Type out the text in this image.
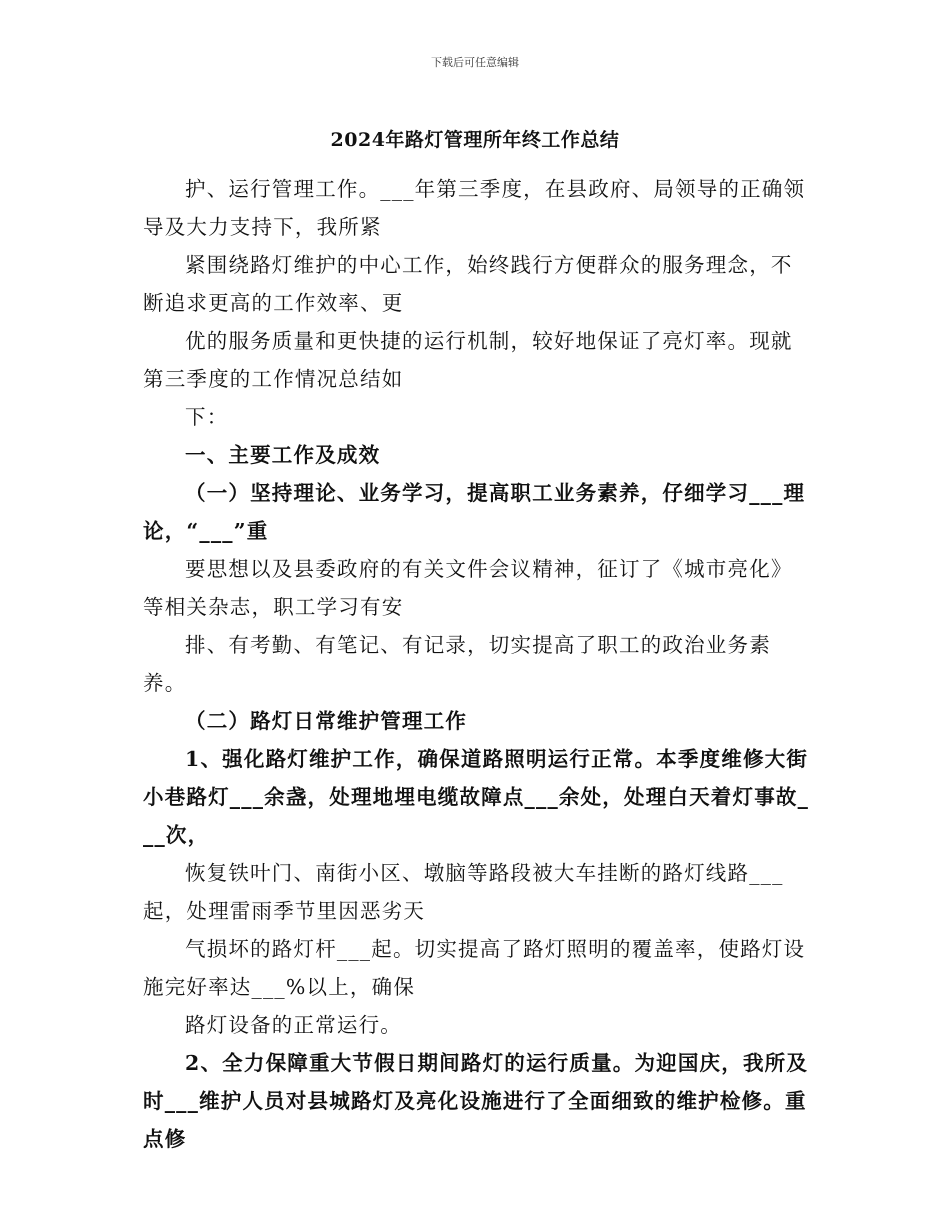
下载后可任意编辑
2024年路灯管理所年终工作总结

护、运行管理工作。___年第三季度，在县政府、局领导的正确领导及大力支持下，我所紧

紧围绕路灯维护的中心工作，始终践行方便群众的服务理念，不断追求更高的工作效率、更

优的服务质量和更快捷的运行机制，较好地保证了亮灯率。现就第三季度的工作情况总结如

下：

一、主要工作及成效

（一）坚持理论、业务学习，提高职工业务素养，仔细学习___理论，“___”重

要思想以及县委政府的有关文件会议精神，征订了《城市亮化》等相关杂志，职工学习有安

排、有考勤、有笔记、有记录，切实提高了职工的政治业务素养。

（二）路灯日常维护管理工作

1、强化路灯维护工作，确保道路照明运行正常。本季度维修大街小巷路灯___余盏，处理地埋电缆故障点___余处，处理白天着灯事故___次，

恢复铁叶门、南街小区、墩脑等路段被大车挂断的路灯线路___起，处理雷雨季节里因恶劣天

气损坏的路灯杆___起。切实提高了路灯照明的覆盖率，使路灯设施完好率达___%以上，确保

路灯设备的正常运行。

2、全力保障重大节假日期间路灯的运行质量。为迎国庆，我所及时___维护人员对县城路灯及亮化设施进行了全面细致的维护检修。重点修
